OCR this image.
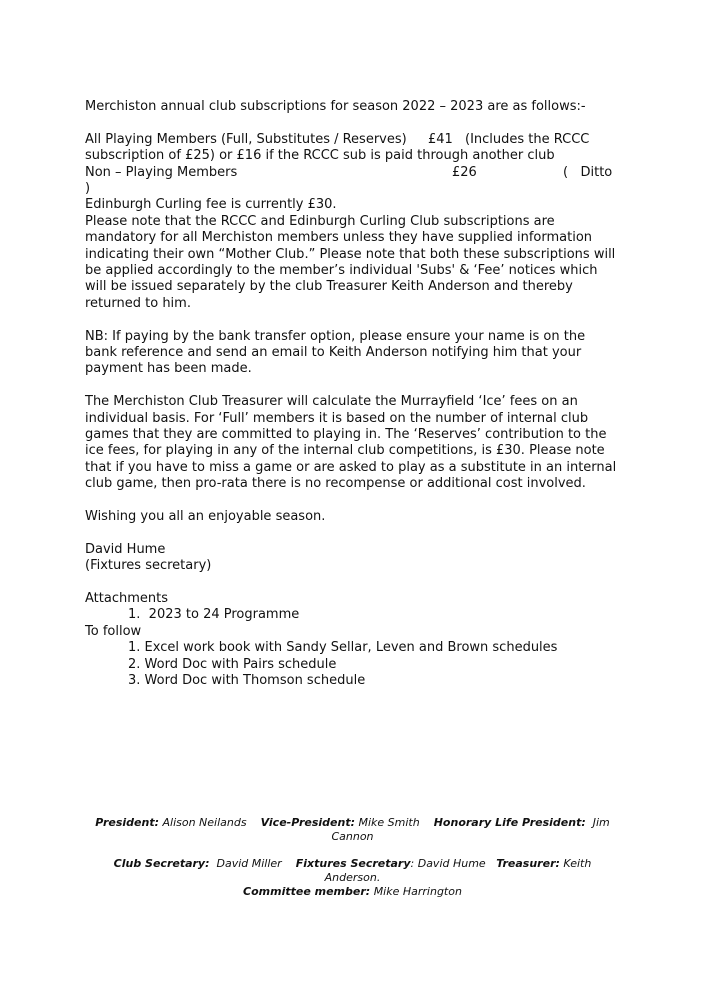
Merchiston annual club subscriptions for season 2022 – 2023 are as follows:-

All Playing Members (Full, Substitutes / Reserves) £41 (Includes the RCCC

subscription of £25) or £16 if the RCCC sub is paid through another club

Non – Playing Members	£26	(   Ditto

)

Edinburgh Curling fee is currently £30.

Please note that the RCCC and Edinburgh Curling Club subscriptions are mandatory for all Merchiston members unless they have supplied information indicating their own “Mother Club.” Please note that both these subscriptions will be applied accordingly to the member’s individual 'Subs' & ‘Fee’ notices which will be issued separately by the club Treasurer Keith Anderson and thereby returned to him.

NB: If paying by the bank transfer option, please ensure your name is on the bank reference and send an email to Keith Anderson notifying him that your payment has been made.

The Merchiston Club Treasurer will calculate the Murrayfield ‘Ice’ fees on an individual basis. For ‘Full’ members it is based on the number of internal club games that they are committed to playing in. The ‘Reserves’ contribution to the ice fees, for playing in any of the internal club competitions, is £30. Please note that if you have to miss a game or are asked to play as a substitute in an internal club game, then pro-rata there is no recompense or additional cost involved.

Wishing you all an enjoyable season.

David Hume

(Fixtures secretary)

Attachments

1.  2023 to 24 Programme

To follow

1. Excel work book with Sandy Sellar, Leven and Brown schedules

2. Word Doc with Pairs schedule

3. Word Doc with Thomson schedule

President: Alison Neilands Vice-President: Mike Smith Honorary Life President: Jim Cannon
Club Secretary: David Miller Fixtures Secretary: David Hume Treasurer: Keith Anderson.
Committee member: Mike Harrington
